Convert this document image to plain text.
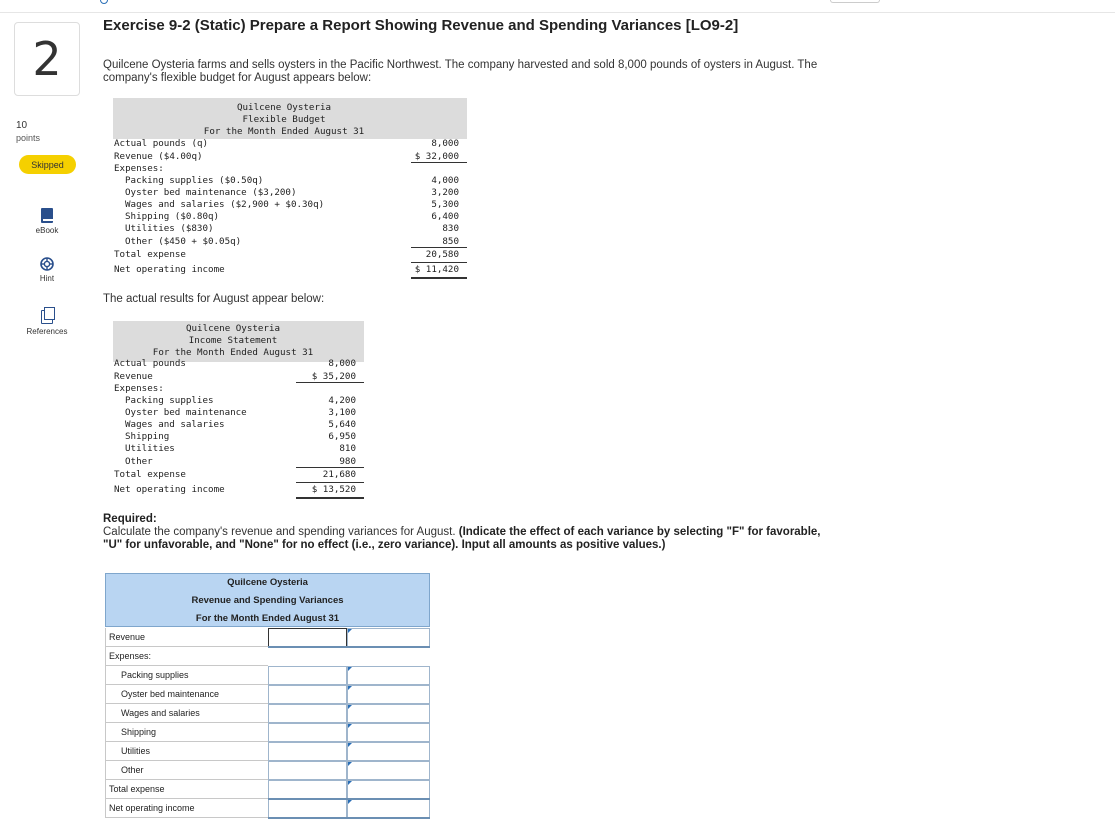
2
10
points
Skipped
eBook
Hint
References
Exercise 9-2 (Static) Prepare a Report Showing Revenue and Spending Variances [LO9-2]
Quilcene Oysteria farms and sells oysters in the Pacific Northwest. The company harvested and sold 8,000 pounds of oysters in August. The company's flexible budget for August appears below:
Quilcene Oysteria
Flexible Budget
For the Month Ended August 31
Actual pounds (q)	8,000
Revenue ($4.00q)	$ 32,000
Expenses:
Packing supplies ($0.50q)	4,000
Oyster bed maintenance ($3,200)	3,200
Wages and salaries ($2,900 + $0.30q)	5,300
Shipping ($0.80q)	6,400
Utilities ($830)	830
Other ($450 + $0.05q)	850
Total expense	20,580
Net operating income	$ 11,420
The actual results for August appear below:
Quilcene Oysteria
Income Statement
For the Month Ended August 31
Actual pounds	8,000
Revenue	$ 35,200
Expenses:
Packing supplies	4,200
Oyster bed maintenance	3,100
Wages and salaries	5,640
Shipping	6,950
Utilities	810
Other	980
Total expense	21,680
Net operating income	$ 13,520
Required:
Calculate the company's revenue and spending variances for August. (Indicate the effect of each variance by selecting "F" for favorable, "U" for unfavorable, and "None" for no effect (i.e., zero variance). Input all amounts as positive values.)
Quilcene Oysteria
Revenue and Spending Variances
For the Month Ended August 31
Revenue
Expenses:
Packing supplies
Oyster bed maintenance
Wages and salaries
Shipping
Utilities
Other
Total expense
Net operating income
